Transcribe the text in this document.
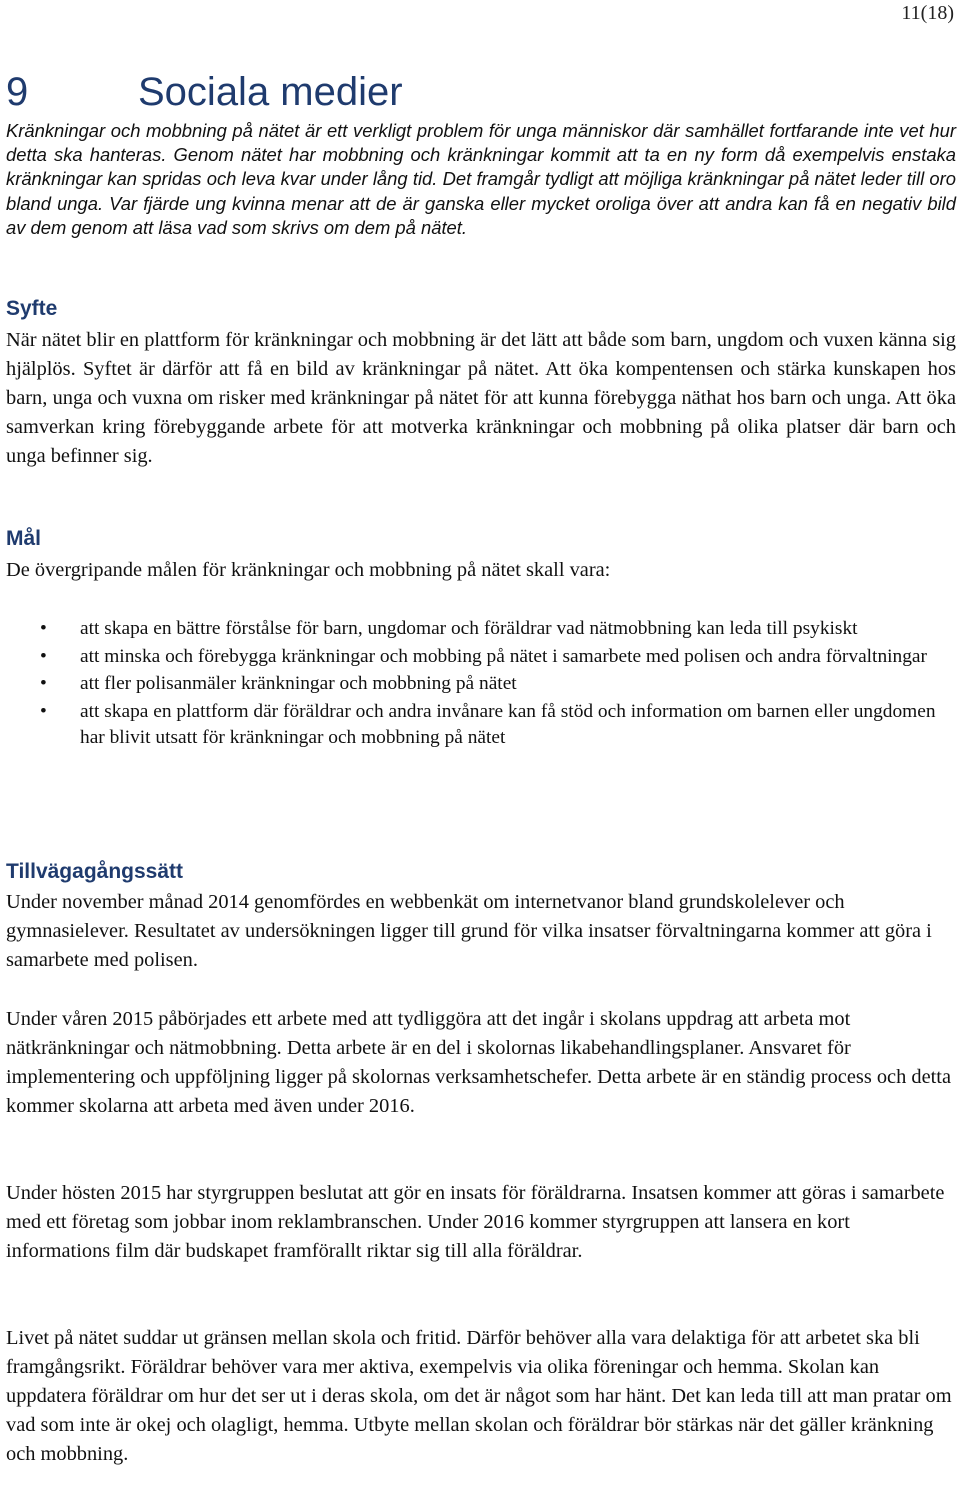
11(18)
9	Sociala medier

Kränkningar och mobbning på nätet är ett verkligt problem för unga människor där samhället fortfarande inte vet hur detta ska hanteras. Genom nätet har mobbning och kränkningar kommit att ta en ny form då exempelvis enstaka kränkningar kan spridas och leva kvar under lång tid. Det framgår tydligt att möjliga kränkningar på nätet leder till oro bland unga. Var fjärde ung kvinna menar att de är ganska eller mycket oroliga över att andra kan få en negativ bild av dem genom att läsa vad som skrivs om dem på nätet.

Syfte

När nätet blir en plattform för kränkningar och mobbning är det lätt att både som barn, ungdom och vuxen känna sig hjälplös. Syftet är därför att få en bild av kränkningar på nätet. Att öka kompentensen och stärka kunskapen hos barn, unga och vuxna om risker med kränkningar på nätet för att kunna förebygga näthat hos barn och unga. Att öka samverkan kring förebyggande arbete för att motverka kränkningar och mobbning på olika platser där barn och unga befinner sig.

Mål

De övergripande målen för kränkningar och mobbning på nätet skall vara:

• att skapa en bättre förstålse för barn, ungdomar och föräldrar vad nätmobbning kan leda till psykiskt
• att minska och förebygga kränkningar och mobbing på nätet i samarbete med polisen och andra förvaltningar
• att fler polisanmäler kränkningar och mobbning på nätet
• att skapa en plattform där föräldrar och andra invånare kan få stöd och information om barnen eller ungdomen har blivit utsatt för kränkningar och mobbning på nätet
Tillvägagångssätt

Under november månad 2014 genomfördes en webbenkät om internetvanor bland grundskolelever och gymnasielever. Resultatet av undersökningen ligger till grund för vilka insatser förvaltningarna kommer att göra i samarbete med polisen.

Under våren 2015 påbörjades ett arbete med att tydliggöra att det ingår i skolans uppdrag att arbeta mot nätkränkningar och nätmobbning. Detta arbete är en del i skolornas likabehandlingsplaner. Ansvaret för implementering och uppföljning ligger på skolornas verksamhetschefer. Detta arbete är en ständig process och detta kommer skolarna att arbeta med även under 2016.

Under hösten 2015 har styrgruppen beslutat att gör en insats för föräldrarna. Insatsen kommer att göras i samarbete med ett företag som jobbar inom reklambranschen. Under 2016 kommer styrgruppen att lansera en kort informations film där budskapet framförallt riktar sig till alla föräldrar.

Livet på nätet suddar ut gränsen mellan skola och fritid. Därför behöver alla vara delaktiga för att arbetet ska bli framgångsrikt. Föräldrar behöver vara mer aktiva, exempelvis via olika föreningar och hemma. Skolan kan uppdatera föräldrar om hur det ser ut i deras skola, om det är något som har hänt. Det kan leda till att man pratar om vad som inte är okej och olagligt, hemma. Utbyte mellan skolan och föräldrar bör stärkas när det gäller kränkning och mobbning.
